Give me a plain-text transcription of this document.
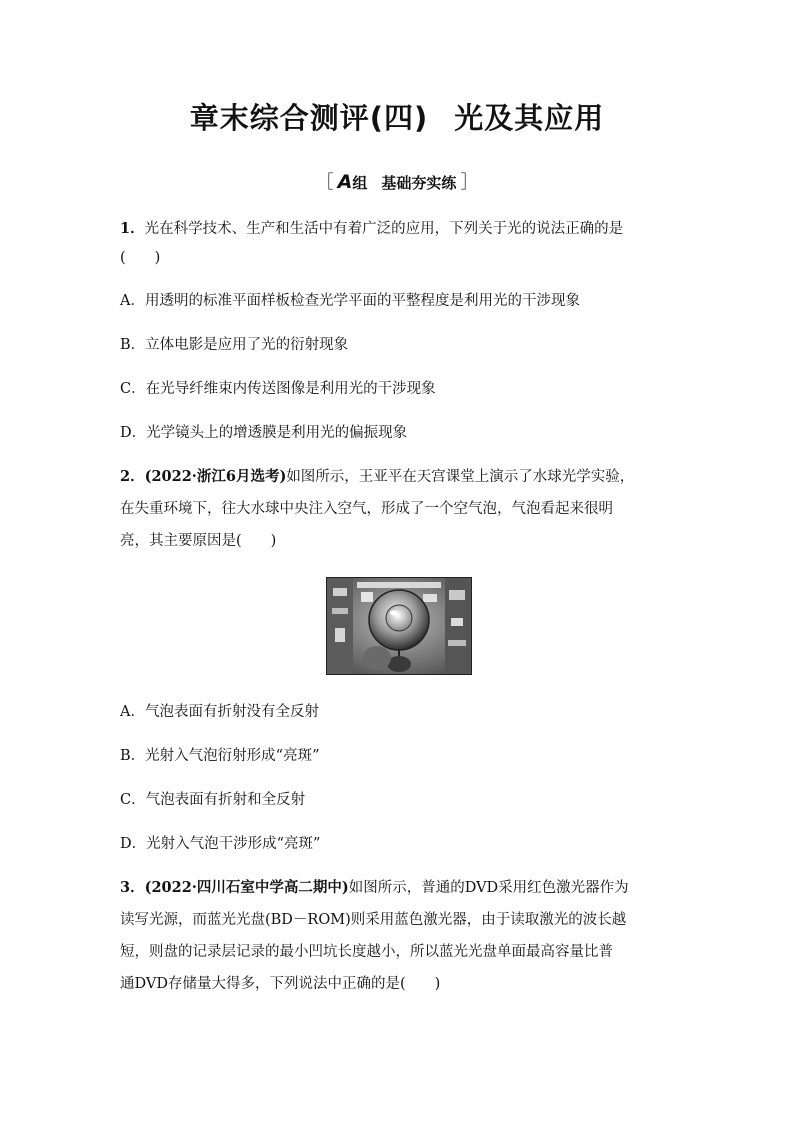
章末综合测评(四) 光及其应用
［ A组 基础夯实练 ］
1．光在科学技术、生产和生活中有着广泛的应用，下列关于光的说法正确的是
(　　)
A．用透明的标准平面样板检查光学平面的平整程度是利用光的干涉现象
B．立体电影是应用了光的衍射现象
C．在光导纤维束内传送图像是利用光的干涉现象
D．光学镜头上的增透膜是利用光的偏振现象
2．(2022·浙江6月选考)如图所示，王亚平在天宫课堂上演示了水球光学实验，
在失重环境下，往大水球中央注入空气，形成了一个空气泡，气泡看起来很明
亮，其主要原因是(　　)
A．气泡表面有折射没有全反射
B．光射入气泡衍射形成“亮斑”
C．气泡表面有折射和全反射
D．光射入气泡干涉形成“亮斑”
3．(2022·四川石室中学高二期中)如图所示，普通的DVD采用红色激光器作为
读写光源，而蓝光光盘(BD－ROM)则采用蓝色激光器，由于读取激光的波长越
短，则盘的记录层记录的最小凹坑长度越小，所以蓝光光盘单面最高容量比普
通DVD存储量大得多，下列说法中正确的是(　　)
